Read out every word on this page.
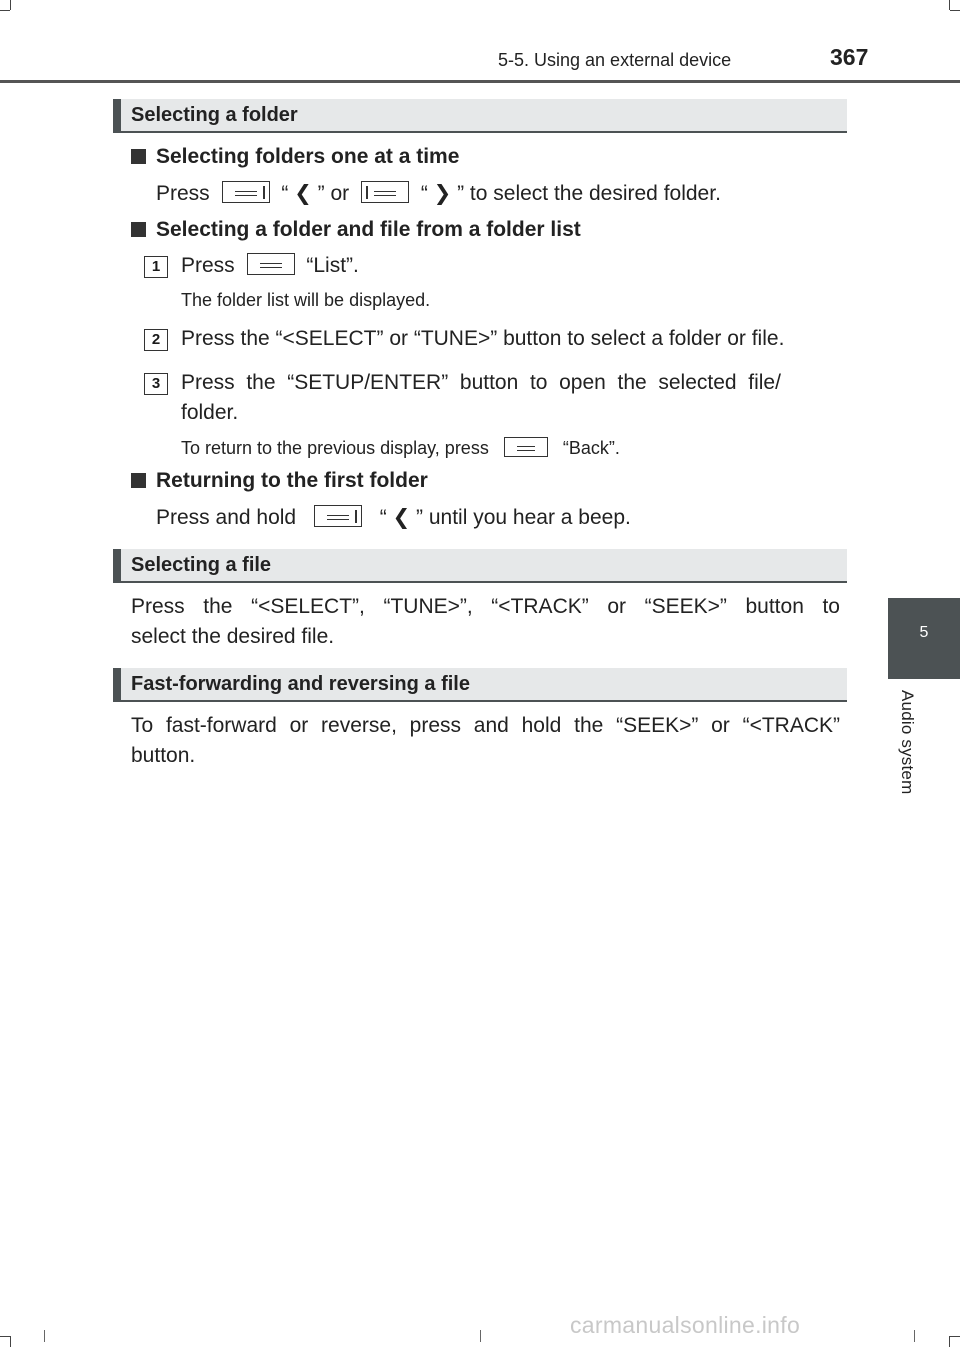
5-5. Using an external device	367
5
Audio system
Selecting a folder
Selecting folders one at a time
Press	“ ❮ ” or	“ ❯ ” to select the desired folder.
Selecting a folder and file from a folder list
1 Press	“List”.
The folder list will be displayed.
2 Press the “<SELECT” or “TUNE>” button to select a folder or file.
3 Press  the  “SETUP/ENTER”  button  to  open  the  selected  file/
folder.
To return to the previous display, press	“Back”.
Returning to the first folder
Press and hold	“ ❮ ” until you hear a beep.
Selecting a file
Press  the  “<SELECT”,  “TUNE>”,  “<TRACK”  or  “SEEK>”  button  to select the desired file.
Fast-forwarding and reversing a file
To fast-forward or reverse, press and hold the “SEEK>” or “<TRACK” button.
carmanualsonline.info
